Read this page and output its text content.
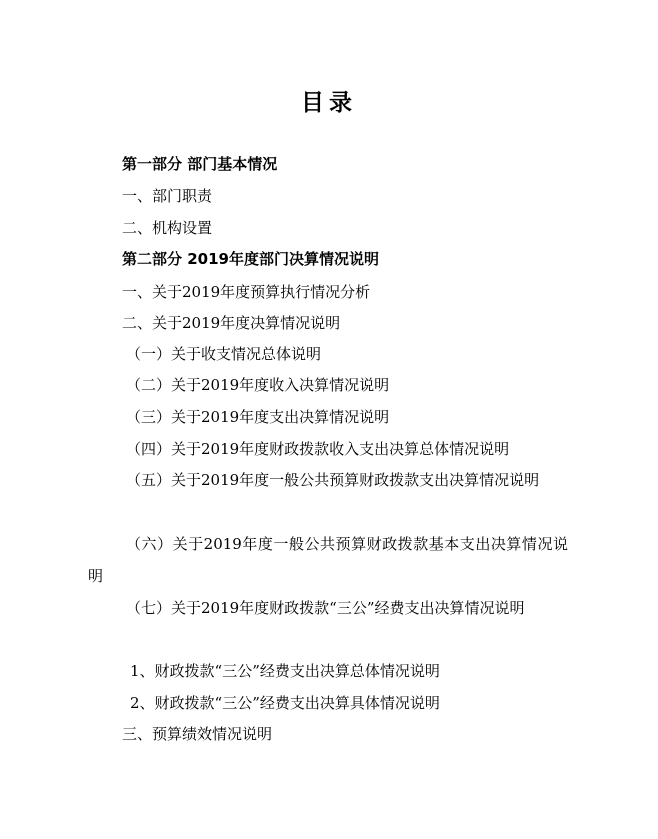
目录
第一部分 部门基本情况
一、部门职责
二、机构设置
第二部分 2019年度部门决算情况说明
一、关于2019年度预算执行情况分析
二、关于2019年度决算情况说明
（一）关于收支情况总体说明
（二）关于2019年度收入决算情况说明
（三）关于2019年度支出决算情况说明
（四）关于2019年度财政拨款收入支出决算总体情况说明
（五）关于2019年度一般公共预算财政拨款支出决算情况说明
（六）关于2019年度一般公共预算财政拨款基本支出决算情况说明
（七）关于2019年度财政拨款“三公”经费支出决算情况说明
1、财政拨款“三公”经费支出决算总体情况说明
2、财政拨款“三公”经费支出决算具体情况说明
三、预算绩效情况说明
